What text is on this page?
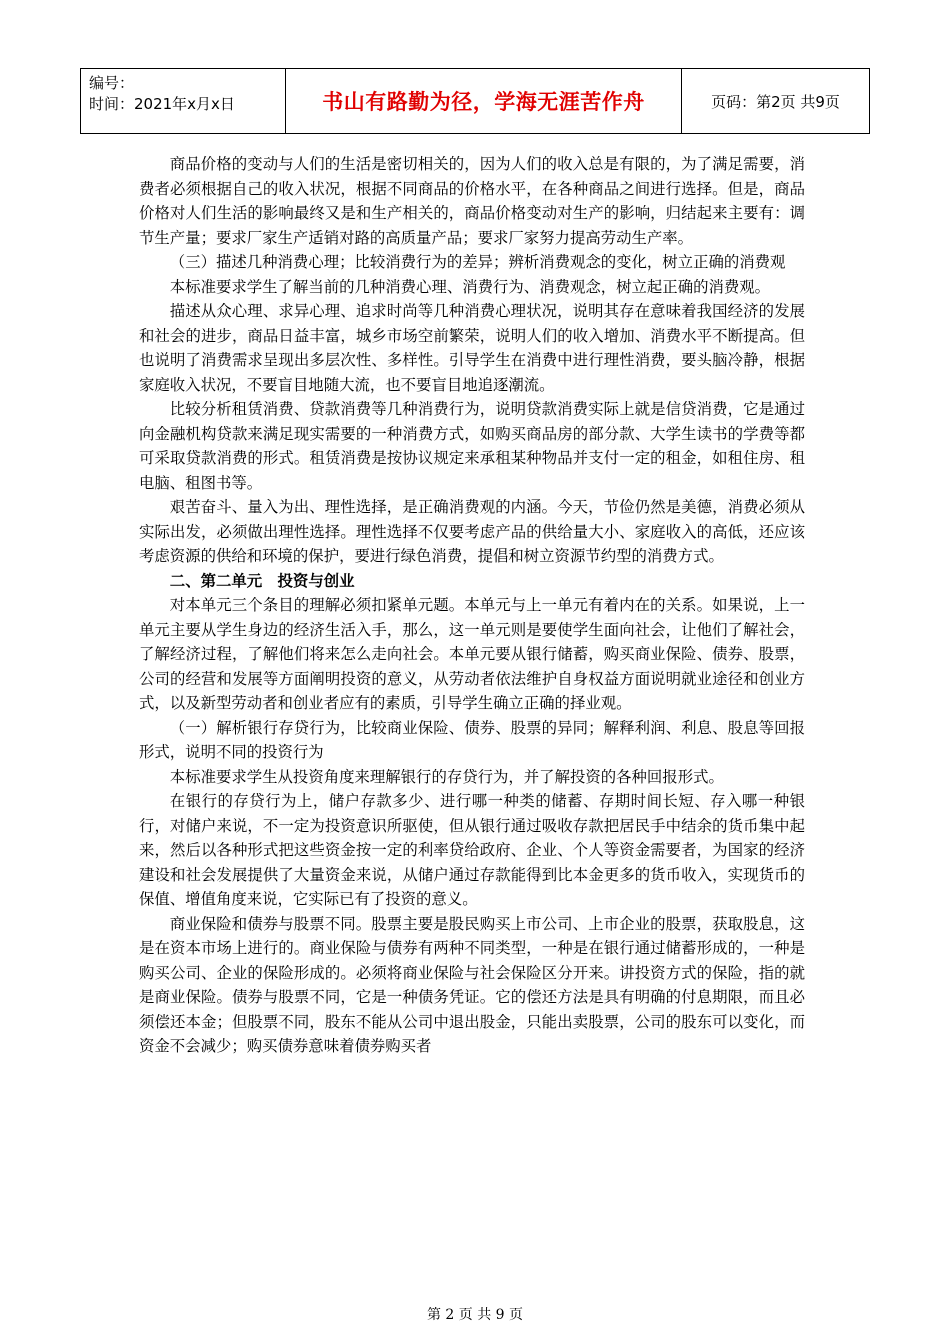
编号：
时间：2021年x月x日	书山有路勤为径，学海无涯苦作舟	页码：第2页 共9页

商品价格的变动与人们的生活是密切相关的，因为人们的收入总是有限的，为了满足需要，消费者必须根据自己的收入状况，根据不同商品的价格水平，在各种商品之间进行选择。但是，商品价格对人们生活的影响最终又是和生产相关的，商品价格变动对生产的影响，归结起来主要有：调节生产量；要求厂家生产适销对路的高质量产品；要求厂家努力提高劳动生产率。

（三）描述几种消费心理；比较消费行为的差异；辨析消费观念的变化，树立正确的消费观

本标准要求学生了解当前的几种消费心理、消费行为、消费观念，树立起正确的消费观。

描述从众心理、求异心理、追求时尚等几种消费心理状况，说明其存在意味着我国经济的发展和社会的进步，商品日益丰富，城乡市场空前繁荣，说明人们的收入增加、消费水平不断提高。但也说明了消费需求呈现出多层次性、多样性。引导学生在消费中进行理性消费，要头脑冷静，根据家庭收入状况，不要盲目地随大流，也不要盲目地追逐潮流。

比较分析租赁消费、贷款消费等几种消费行为，说明贷款消费实际上就是信贷消费，它是通过向金融机构贷款来满足现实需要的一种消费方式，如购买商品房的部分款、大学生读书的学费等都可采取贷款消费的形式。租赁消费是按协议规定来承租某种物品并支付一定的租金，如租住房、租电脑、租图书等。

艰苦奋斗、量入为出、理性选择，是正确消费观的内涵。今天，节俭仍然是美德，消费必须从实际出发，必须做出理性选择。理性选择不仅要考虑产品的供给量大小、家庭收入的高低，还应该考虑资源的供给和环境的保护，要进行绿色消费，提倡和树立资源节约型的消费方式。

二、第二单元　投资与创业

对本单元三个条目的理解必须扣紧单元题。本单元与上一单元有着内在的关系。如果说，上一单元主要从学生身边的经济生活入手，那么，这一单元则是要使学生面向社会，让他们了解社会，了解经济过程，了解他们将来怎么走向社会。本单元要从银行储蓄，购买商业保险、债券、股票，公司的经营和发展等方面阐明投资的意义，从劳动者依法维护自身权益方面说明就业途径和创业方式，以及新型劳动者和创业者应有的素质，引导学生确立正确的择业观。

（一）解析银行存贷行为，比较商业保险、债券、股票的异同；解释利润、利息、股息等回报形式，说明不同的投资行为

本标准要求学生从投资角度来理解银行的存贷行为，并了解投资的各种回报形式。

在银行的存贷行为上，储户存款多少、进行哪一种类的储蓄、存期时间长短、存入哪一种银行，对储户来说，不一定为投资意识所驱使，但从银行通过吸收存款把居民手中结余的货币集中起来，然后以各种形式把这些资金按一定的利率贷给政府、企业、个人等资金需要者，为国家的经济建设和社会发展提供了大量资金来说，从储户通过存款能得到比本金更多的货币收入，实现货币的保值、增值角度来说，它实际已有了投资的意义。

商业保险和债券与股票不同。股票主要是股民购买上市公司、上市企业的股票，获取股息，这是在资本市场上进行的。商业保险与债券有两种不同类型，一种是在银行通过储蓄形成的，一种是购买公司、企业的保险形成的。必须将商业保险与社会保险区分开来。讲投资方式的保险，指的就是商业保险。债券与股票不同，它是一种债务凭证。它的偿还方法是具有明确的付息期限，而且必须偿还本金；但股票不同，股东不能从公司中退出股金，只能出卖股票，公司的股东可以变化，而资金不会减少；购买债券意味着债券购买者

第 2 页 共 9 页
